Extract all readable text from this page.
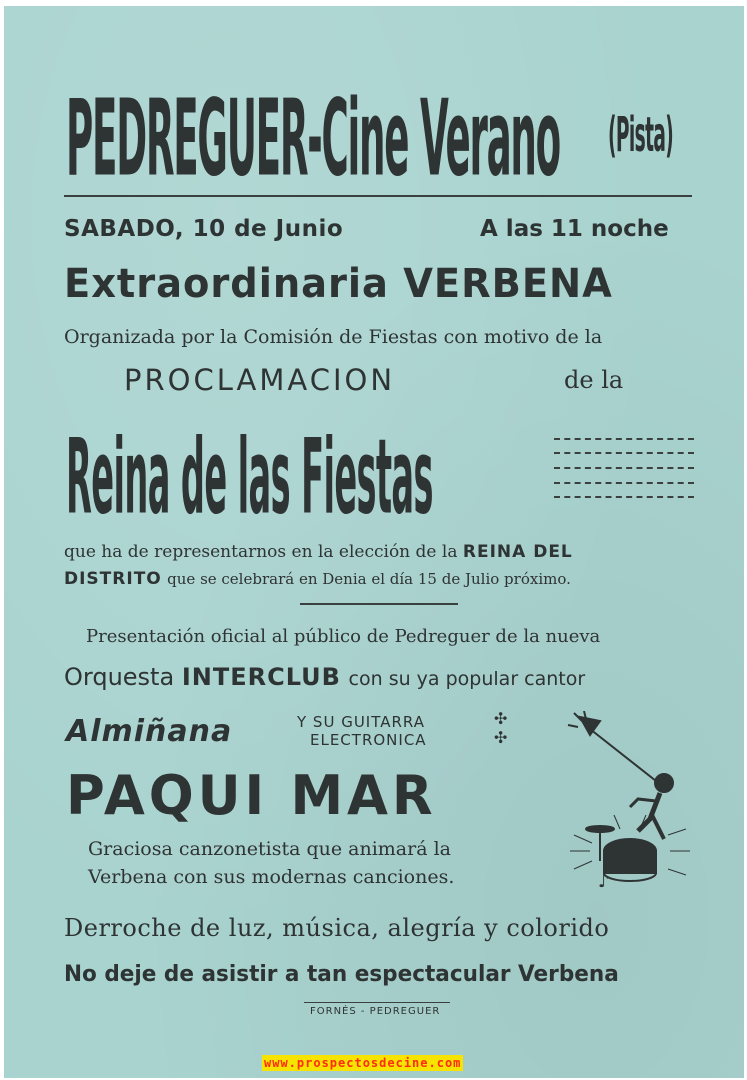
PEDREGUER-Cine Verano (Pista)
SABADO, 10 de Junio	A las 11 noche
Extraordinaria VERBENA
Organizada por la Comisión de Fiestas con motivo de la
PROCLAMACION	de la
Reina de las Fiestas
que ha de representarnos en la elección de la REINA DEL
DISTRITO que se celebrará en Denia el día 15 de Julio próximo.
Presentación oficial al público de Pedreguer de la nueva
Orquesta INTERCLUB con su ya popular cantor
Almiñana	Y SU GUITARRA
ELECTRONICA
✣
✣
PAQUI MAR
Graciosa canzonetista que animará la
Verbena con sus modernas canciones.	♪
Derroche de luz, música, alegría y colorido
No deje de asistir a tan espectacular Verbena
FORNÉS - PEDREGUER
www.prospectosdecine.com
